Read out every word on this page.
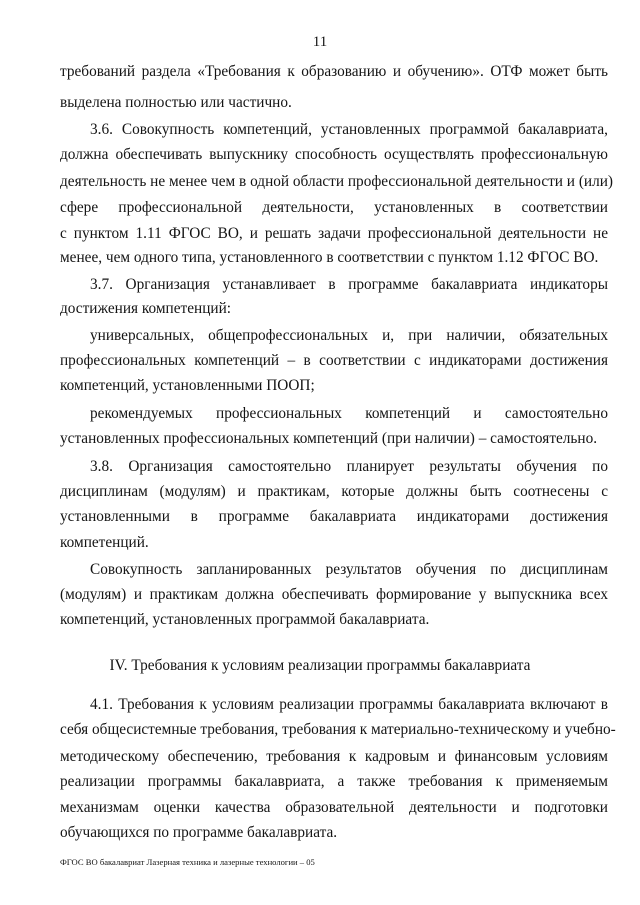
11
требований раздела «Требования к образованию и обучению». ОТФ может быть
выделена полностью или частично.
3.6. Совокупность компетенций, установленных программой бакалавриата,
должна обеспечивать выпускнику способность осуществлять профессиональную
деятельность не менее чем в одной области профессиональной деятельности и (или)
сфере профессиональной деятельности, установленных в соответствии
с пунктом 1.11 ФГОС ВО, и решать задачи профессиональной деятельности не
менее, чем одного типа, установленного в соответствии с пунктом 1.12 ФГОС ВО.
3.7. Организация устанавливает в программе бакалавриата индикаторы
достижения компетенций:
универсальных, общепрофессиональных и, при наличии, обязательных
профессиональных компетенций – в соответствии с индикаторами достижения
компетенций, установленными ПООП;
рекомендуемых профессиональных компетенций и самостоятельно
установленных профессиональных компетенций (при наличии) – самостоятельно.
3.8. Организация самостоятельно планирует результаты обучения по
дисциплинам (модулям) и практикам, которые должны быть соотнесены с
установленными в программе бакалавриата индикаторами достижения
компетенций.
Совокупность запланированных результатов обучения по дисциплинам
(модулям) и практикам должна обеспечивать формирование у выпускника всех
компетенций, установленных программой бакалавриата.
IV. Требования к условиям реализации программы бакалавриата
4.1. Требования к условиям реализации программы бакалавриата включают в
себя общесистемные требования, требования к материально-техническому и учебно-
методическому обеспечению, требования к кадровым и финансовым условиям
реализации программы бакалавриата, а также требования к применяемым
механизмам оценки качества образовательной деятельности и подготовки
обучающихся по программе бакалавриата.
ФГОС ВО бакалавриат Лазерная техника и лазерные технологии – 05
